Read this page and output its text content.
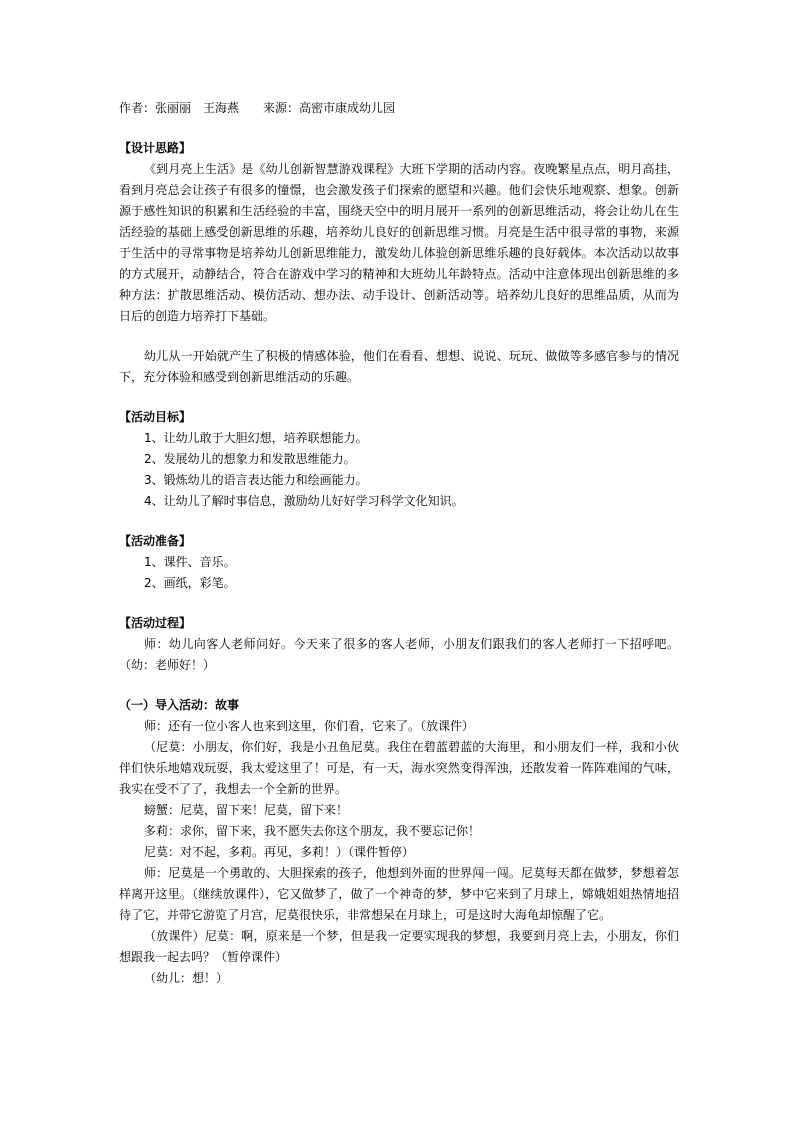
作者：张丽丽　王海燕　　来源：高密市康成幼儿园
【设计思路】
《到月亮上生活》是《幼儿创新智慧游戏课程》大班下学期的活动内容。夜晚繁星点点，明月高挂，看到月亮总会让孩子有很多的憧憬，也会激发孩子们探索的愿望和兴趣。他们会快乐地观察、想象。创新源于感性知识的积累和生活经验的丰富，围绕天空中的明月展开一系列的创新思维活动，将会让幼儿在生活经验的基础上感受创新思维的乐趣，培养幼儿良好的创新思维习惯。月亮是生活中很寻常的事物，来源于生活中的寻常事物是培养幼儿创新思维能力，激发幼儿体验创新思维乐趣的良好载体。本次活动以故事的方式展开，动静结合，符合在游戏中学习的精神和大班幼儿年龄特点。活动中注意体现出创新思维的多种方法：扩散思维活动、模仿活动、想办法、动手设计、创新活动等。培养幼儿良好的思维品质，从而为日后的创造力培养打下基础。
幼儿从一开始就产生了积极的情感体验，他们在看看、想想、说说、玩玩、做做等多感官参与的情况下，充分体验和感受到创新思维活动的乐趣。
【活动目标】
1、让幼儿敢于大胆幻想，培养联想能力。
2、发展幼儿的想象力和发散思维能力。
3、锻炼幼儿的语言表达能力和绘画能力。
4、让幼儿了解时事信息，激励幼儿好好学习科学文化知识。
【活动准备】
1、课件、音乐。
2、画纸，彩笔。
【活动过程】
师：幼儿向客人老师问好。今天来了很多的客人老师，小朋友们跟我们的客人老师打一下招呼吧。（幼：老师好！）
（一）导入活动：故事
师：还有一位小客人也来到这里，你们看，它来了。（放课件）
（尼莫：小朋友，你们好，我是小丑鱼尼莫。我住在碧蓝碧蓝的大海里，和小朋友们一样，我和小伙伴们快乐地嬉戏玩耍，我太爱这里了！可是，有一天，海水突然变得浑浊，还散发着一阵阵难闻的气味，我实在受不了了，我想去一个全新的世界。
螃蟹：尼莫，留下来！尼莫，留下来！
多莉：求你，留下来，我不愿失去你这个朋友，我不要忘记你！
尼莫：对不起，多莉。再见，多莉！）（课件暂停）
师：尼莫是一个勇敢的、大胆探索的孩子，他想到外面的世界闯一闯。尼莫每天都在做梦，梦想着怎样离开这里。（继续放课件），它又做梦了，做了一个神奇的梦，梦中它来到了月球上，嫦娥姐姐热情地招待了它，并带它游览了月宫，尼莫很快乐，非常想呆在月球上，可是这时大海龟却惊醒了它。
（放课件）尼莫：啊，原来是一个梦，但是我一定要实现我的梦想，我要到月亮上去，小朋友，你们想跟我一起去吗？（暂停课件）
（幼儿：想！）
